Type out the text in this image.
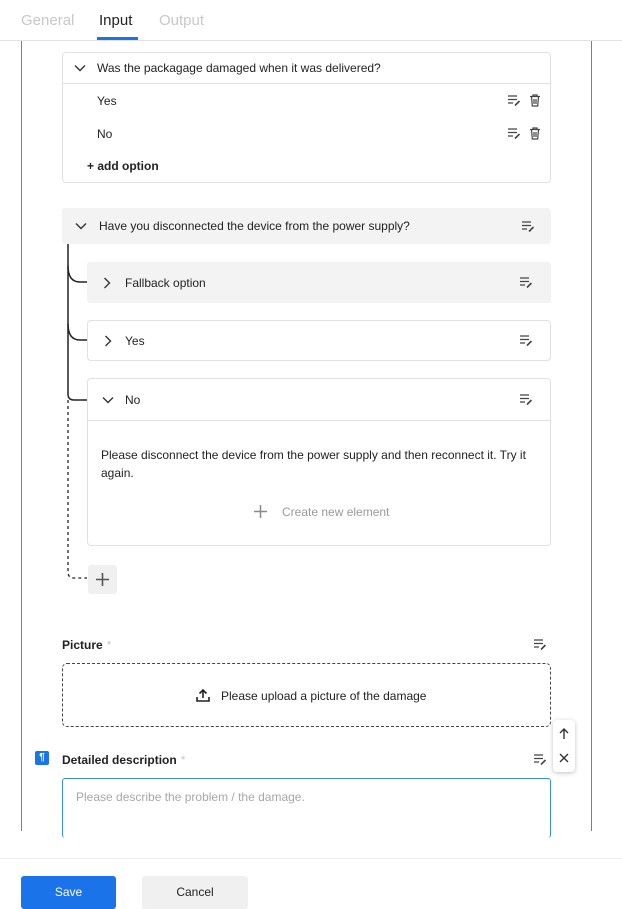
General Input Output
Was the packagage damaged when it was delivered?
Yes
No
+ add option
Have you disconnected the device from the power supply?
Fallback option
Yes
No
Please disconnect the device from the power supply and then reconnect it. Try it again.
Create new element
Picture *
Please upload a picture of the damage
¶	Detailed description *
Please describe the problem / the damage.
Save	Cancel
